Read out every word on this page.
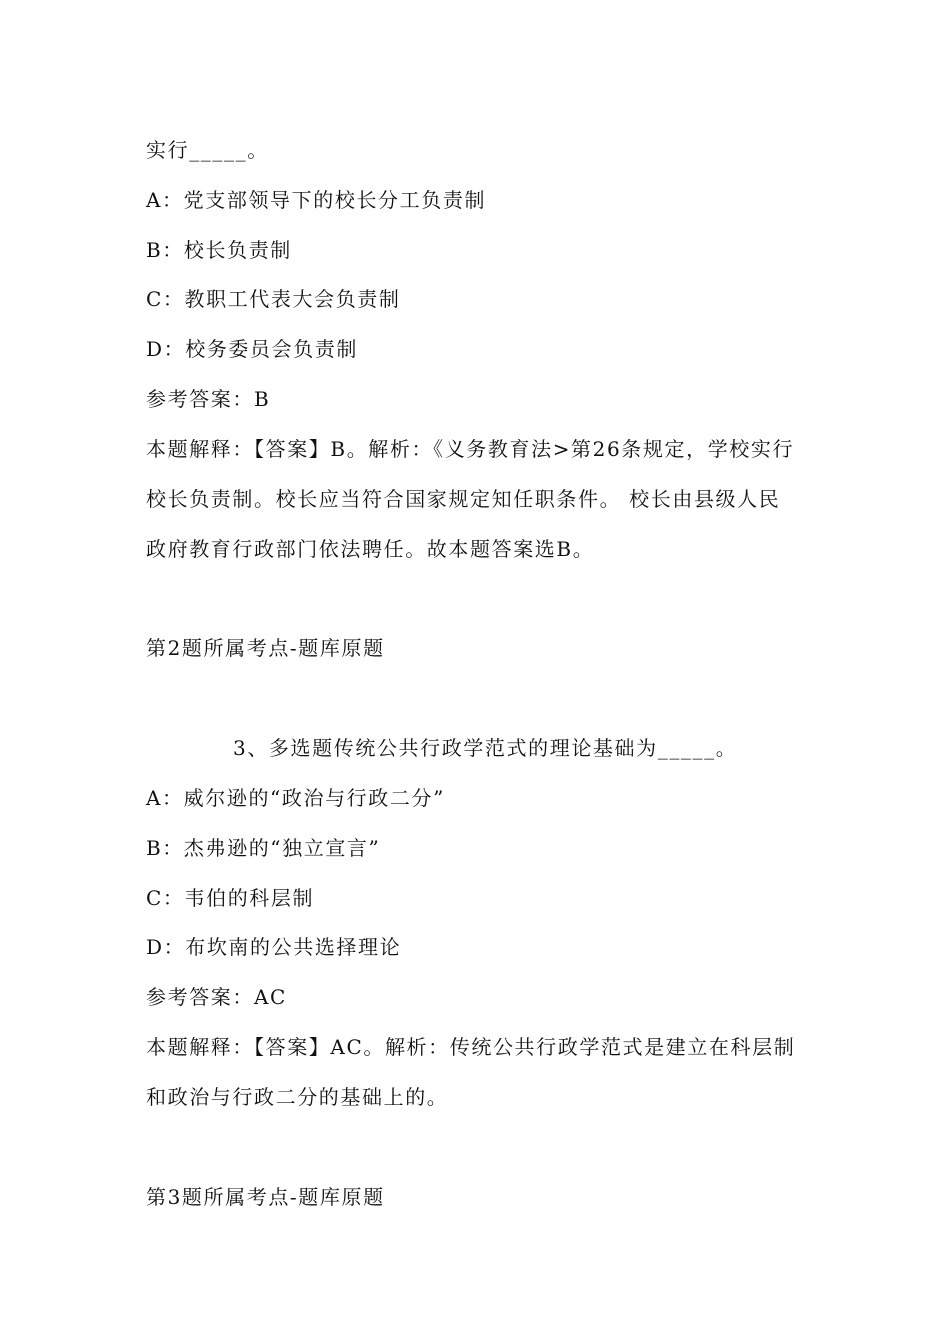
实行_____。
A：党支部领导下的校长分工负责制
B：校长负责制
C：教职工代表大会负责制
D：校务委员会负责制
参考答案：B
本题解释：【答案】B。解析：《义务教育法>第26条规定，学校实行
校长负责制。校长应当符合国家规定知任职条件。 校长由县级人民
政府教育行政部门依法聘任。故本题答案选B。
第2题所属考点-题库原题
3、多选题传统公共行政学范式的理论基础为_____。
A：威尔逊的“政治与行政二分”
B：杰弗逊的“独立宣言”
C：韦伯的科层制
D：布坎南的公共选择理论
参考答案：AC
本题解释：【答案】AC。解析：传统公共行政学范式是建立在科层制
和政治与行政二分的基础上的。
第3题所属考点-题库原题
